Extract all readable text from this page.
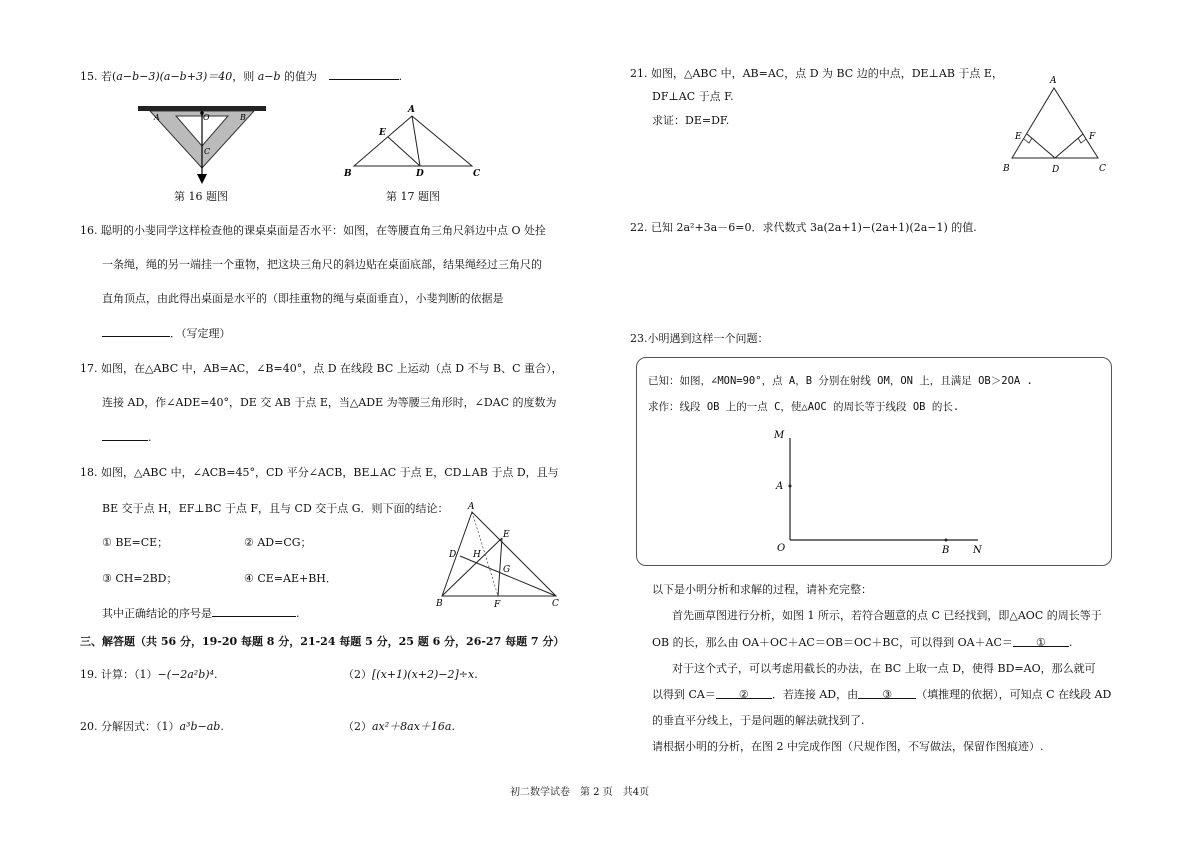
15. 若(a−b−3)(a−b+3)＝40，则 a−b 的值为	.
A	O	B
C
第 16 题图
A
E
B	D	C
第 17 题图
16. 聪明的小斐同学这样检查他的课桌桌面是否水平：如图，在等腰直角三角尺斜边中点 O 处拴
一条绳，绳的另一端挂一个重物，把这块三角尺的斜边贴在桌面底部，结果绳经过三角尺的
直角顶点，由此得出桌面是水平的（即挂重物的绳与桌面垂直），小斐判断的依据是
．（写定理）
17. 如图，在△ABC 中，AB=AC，∠B=40°，点 D 在线段 BC 上运动（点 D 不与 B、C 重合），
连接 AD，作∠ADE=40°，DE 交 AB 于点 E，当△ADE 为等腰三角形时，∠DAC 的度数为
.
18. 如图，△ABC 中，∠ACB=45°，CD 平分∠ACB，BE⊥AC 于点 E，CD⊥AB 于点 D，且与
BE 交于点 H，EF⊥BC 于点 F，且与 CD 交于点 G．则下面的结论：
① BE=CE；	② AD=CG；
③ CH=2BD；	④ CE=AE+BH．
其中正确结论的序号是	.
A
E
D H
G
B	F	C
三、解答题（共 56 分，19-20 每题 8 分，21-24 每题 5 分，25 题 6 分，26-27 每题 7 分）
19. 计算：（1）−(−2a²b)⁴.	（2）[(x+1)(x+2)−2]÷x.
20. 分解因式：（1）a³b−ab.	（2）ax²＋8ax＋16a.
21. 如图，△ABC 中，AB=AC，点 D 为 BC 边的中点，DE⊥AB 于点 E，
DF⊥AC 于点 F.
求证：DE=DF.
A
E	F
B	D	C
22. 已知 2a²+3a－6=0．求代数式 3a(2a+1)−(2a+1)(2a−1) 的值.
23.小明遇到这样一个问题：
已知：如图，∠MON=90°，点 A，B 分别在射线 OM，ON 上，且满足 OB＞2OA .
求作：线段 OB 上的一点 C，使△AOC 的周长等于线段 OB 的长.
M
A
O	B N
以下是小明分析和求解的过程，请补充完整：
首先画草图进行分析，如图 1 所示，若符合题意的点 C 已经找到，即△AOC 的周长等于
OB 的长，那么由 OA＋OC＋AC＝OB＝OC＋BC，可以得到 OA＋AC＝ ① .
对于这个式子，可以考虑用截长的办法，在 BC 上取一点 D，使得 BD=AO，那么就可
以得到 CA＝ ② ．若连接 AD，由 ③ （填推理的依据），可知点 C 在线段 AD
的垂直平分线上，于是问题的解法就找到了.
请根据小明的分析，在图 2 中完成作图（尺规作图，不写做法，保留作图痕迹）.
初二数学试卷　第 2 页　共4页
